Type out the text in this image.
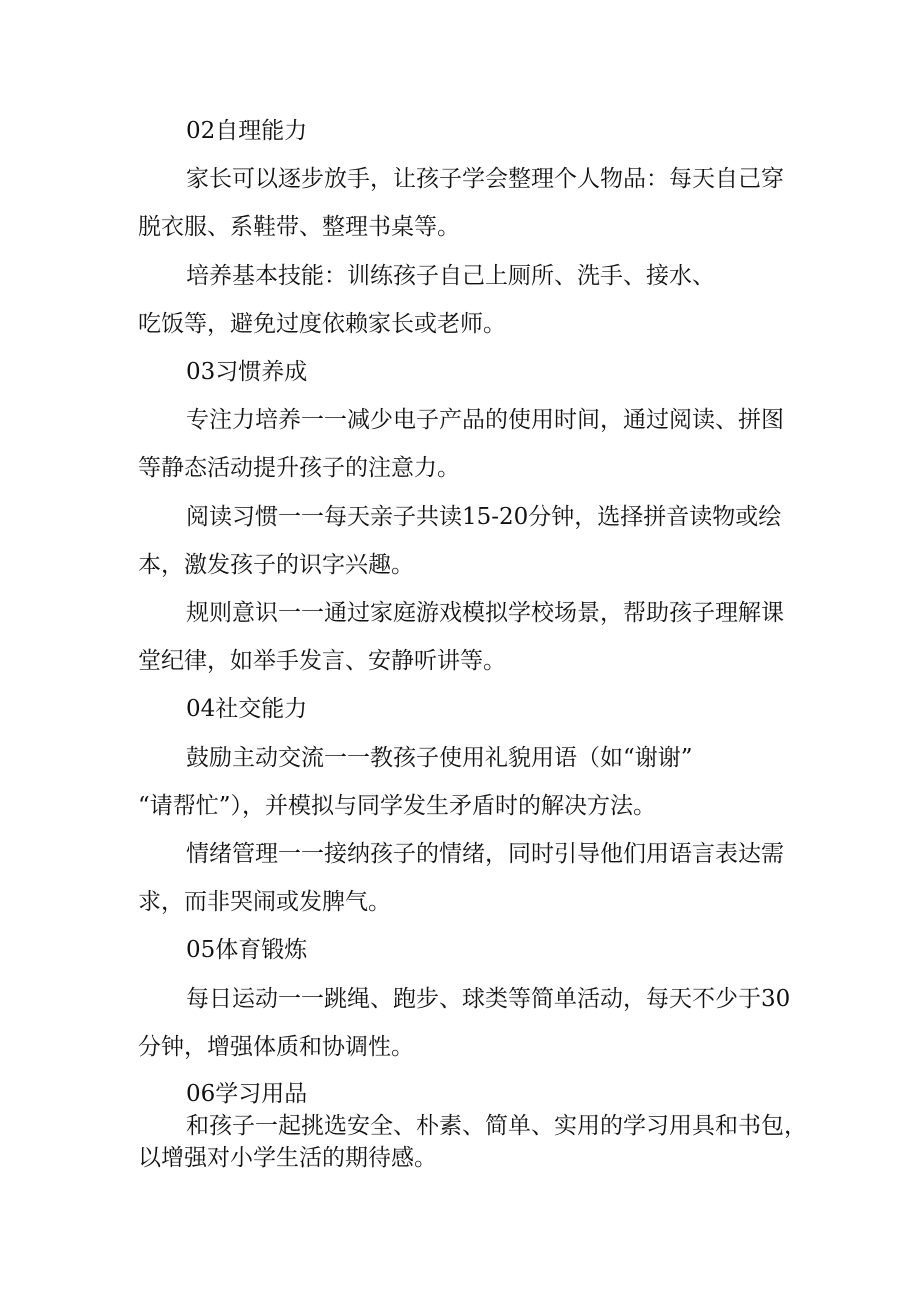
02自理能力

家长可以逐步放手，让孩子学会整理个人物品：每天自己穿

脱衣服、系鞋带、整理书桌等。

培养基本技能：训练孩子自己上厕所、洗手、接水、

吃饭等，避免过度依赖家长或老师。

03习惯养成

专注力培养一一减少电子产品的使用时间，通过阅读、拼图

等静态活动提升孩子的注意力。

阅读习惯一一每天亲子共读15-20分钟，选择拼音读物或绘

本，激发孩子的识字兴趣。

规则意识一一通过家庭游戏模拟学校场景，帮助孩子理解课

堂纪律，如举手发言、安静听讲等。

04社交能力

鼓励主动交流一一教孩子使用礼貌用语（如“谢谢”

“请帮忙”），并模拟与同学发生矛盾时的解决方法。

情绪管理一一接纳孩子的情绪，同时引导他们用语言表达需

求，而非哭闹或发脾气。

05体育锻炼

每日运动一一跳绳、跑步、球类等简单活动，每天不少于30

分钟，增强体质和协调性。

06学习用品

和孩子一起挑选安全、朴素、简单、实用的学习用具和书包，

以增强对小学生活的期待感。
